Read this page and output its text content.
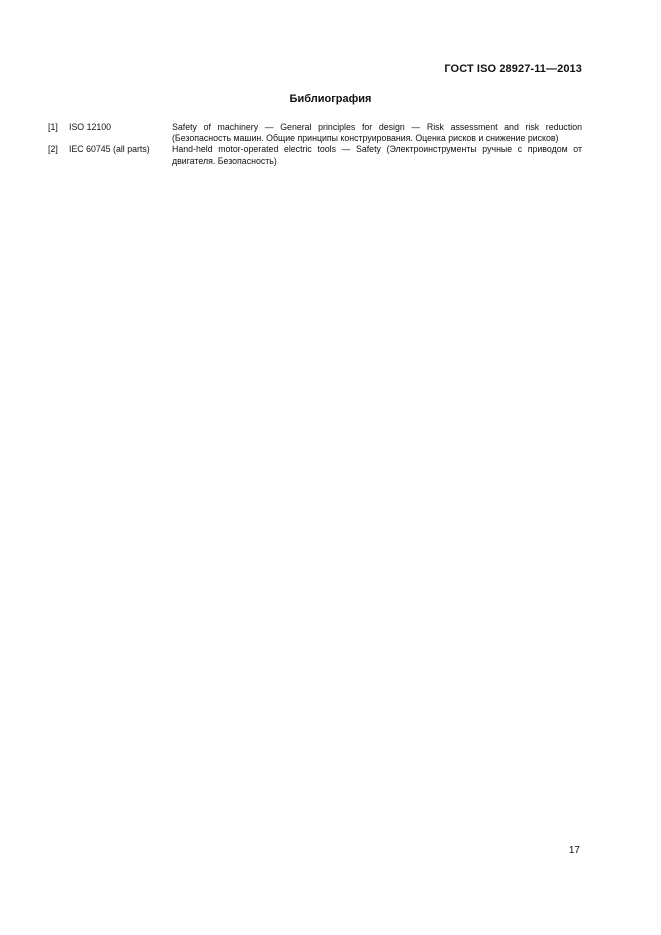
ГОСТ ISO 28927-11—2013
Библиография
[1]	ISO 12100	Safety of machinery — General principles for design — Risk assessment and risk reduction (Безопасность машин. Общие принципы конструирования. Оценка рисков и снижение рисков)
[2]	IEC 60745 (all parts)	Hand-held motor-operated electric tools — Safety (Электроинструменты ручные с приводом от двигателя. Безопасность)
17
